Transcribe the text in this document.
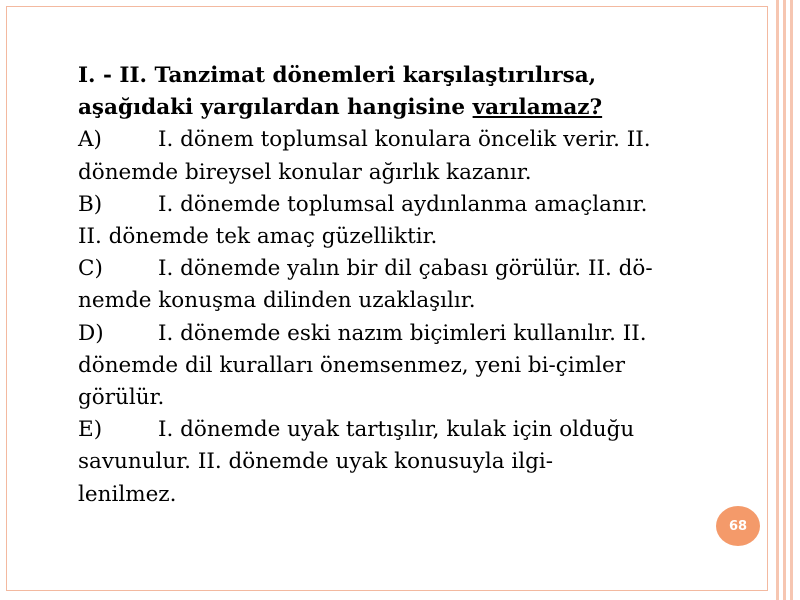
I. - II. Tanzimat dönemleri karşılaştırılırsa,
aşağıdaki yargılardan hangisine varılamaz?

A)	I. dönem toplumsal konulara öncelik verir. II.
dönemde bireysel konular ağırlık kazanır.

B)	I. dönemde toplumsal aydınlanma amaçlanır.
II. dönemde tek amaç güzelliktir.

C)	I. dönemde yalın bir dil çabası görülür. II. dö-
nemde konuşma dilinden uzaklaşılır.

D)	I. dönemde eski nazım biçimleri kullanılır. II.
dönemde dil kuralları önemsenmez, yeni bi-çimler
görülür.

E)	I. dönemde uyak tartışılır, kulak için olduğu
savunulur. II. dönemde uyak konusuyla ilgi-
lenilmez.

68
